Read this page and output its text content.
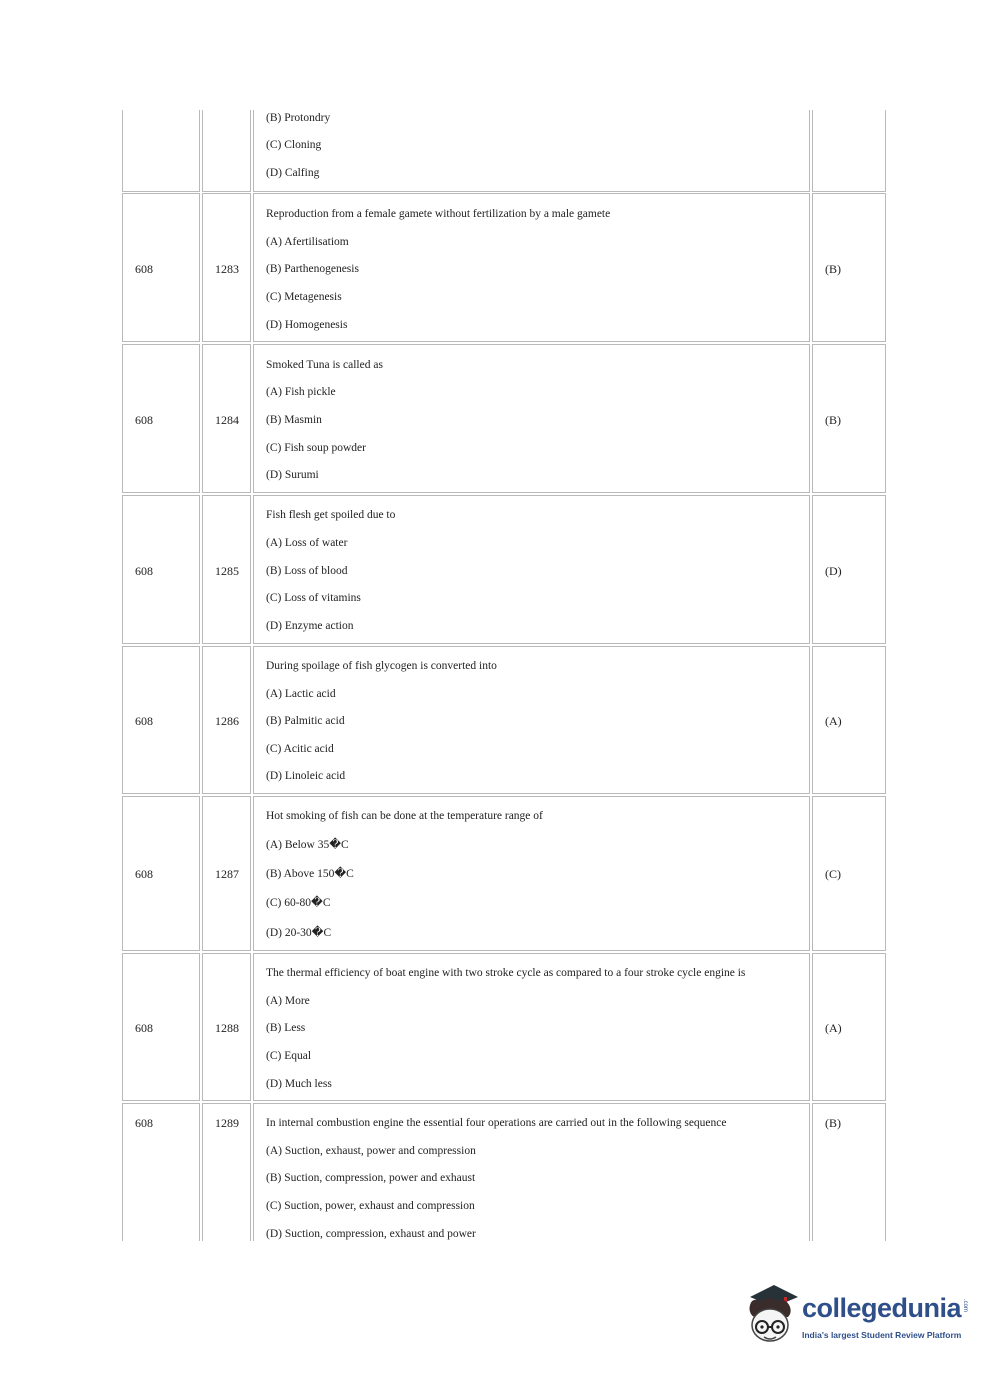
(B) Protondry
(C) Cloning
(D) Calfing
608	1283
Reproduction from a female gamete without fertilization by a male gamete
(A) Afertilisatiom
(B) Parthenogenesis
(C) Metagenesis
(D) Homogenesis
(B)
608	1284
Smoked Tuna is called as
(A) Fish pickle
(B) Masmin
(C) Fish soup powder
(D) Surumi
(B)
608	1285
Fish flesh get spoiled due to
(A) Loss of water
(B) Loss of blood
(C) Loss of vitamins
(D) Enzyme action
(D)
608	1286
During spoilage of fish glycogen is converted into
(A) Lactic acid
(B) Palmitic acid
(C) Acitic acid
(D) Linoleic acid
(A)
608	1287
Hot smoking of fish can be done at the temperature range of
(A) Below 35�C
(B) Above 150�C
(C) 60-80�C
(D) 20-30�C
(C)
608	1288
The thermal efficiency of boat engine with two stroke cycle as compared to a four stroke cycle engine is
(A) More
(B) Less
(C) Equal
(D) Much less
(A)
608	1289 In internal combustion engine the essential four operations are carried out in the following sequence
(A) Suction, exhaust, power and compression
(B) Suction, compression, power and exhaust
(C) Suction, power, exhaust and compression
(D) Suction, compression, exhaust and power
(B)
collegedunia .com
India's largest Student Review Platform
